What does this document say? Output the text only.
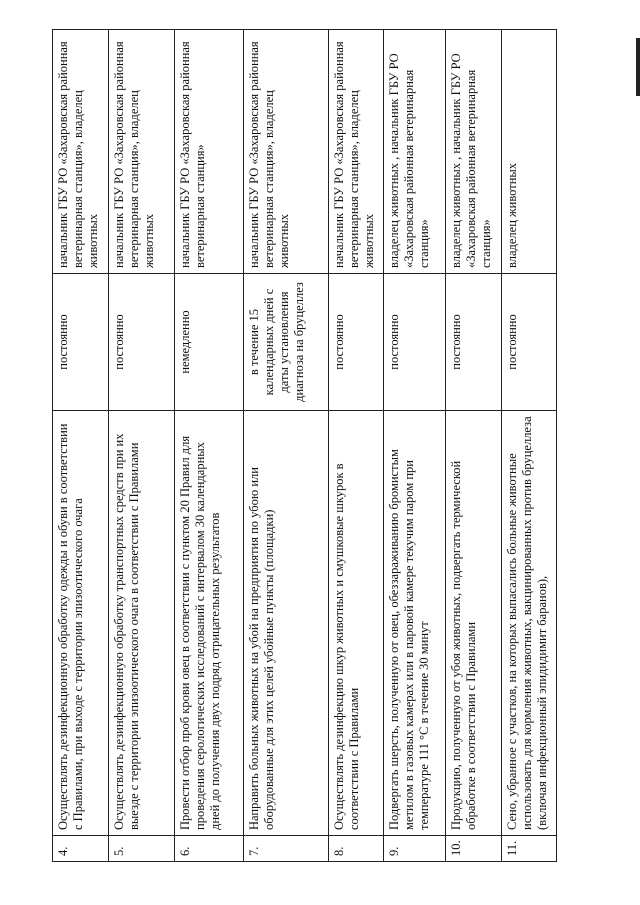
4.	Осуществлять дезинфекционную обработку одежды и обуви в соответствии с Правилами, при выходе с территории эпизоотического очага	постоянно	начальник ГБУ РО «Захаровская районная ветеринарная станция», владелец животных
5.	Осуществлять дезинфекционную обработку транспортных средств при их выезде с территории эпизоотического очага в соответствии с Правилами	постоянно	начальник ГБУ РО «Захаровская районная ветеринарная станция», владелец животных
6.	Провести отбор проб крови овец в соответствии с пунктом 20 Правил для проведения серологических исследований с интервалом 30 календарных дней до получения двух подряд отрицательных результатов	немедленно	начальник ГБУ РО «Захаровская районная ветеринарная станция»
7.	Направить больных животных на убой на предприятия по убою или оборудованные для этих целей убойные пункты (площадки)	в течение 15 календарных дней с даты установления диагноза на бруцеллез	начальник ГБУ РО «Захаровская районная ветеринарная станция», владелец животных
8.	Осуществлять дезинфекцию шкур животных и смушковые шкурок в соответствии с Правилами	постоянно	начальник ГБУ РО «Захаровская районная ветеринарная станция», владелец животных
9.	Подвергать шерсть, полученную от овец, обеззараживанию бромистым метилом в газовых камерах или в паровой камере текучим паром при температуре 111 °С в течение 30 минут	постоянно	владелец животных , начальник ГБУ РО «Захаровская районная ветеринарная станция»
10.	Продукцию, полученную от убоя животных, подвергать термической обработке в соответствии с Правилами	постоянно	владелец животных , начальник ГБУ РО «Захаровская районная ветеринарная станция»
11.	Сено, убранное с участков, на которых выпасались больные животные использовать для кормления животных, вакцинированных против бруцеллеза (включая инфекционный эпидидимит баранов),	постоянно	владелец животных
